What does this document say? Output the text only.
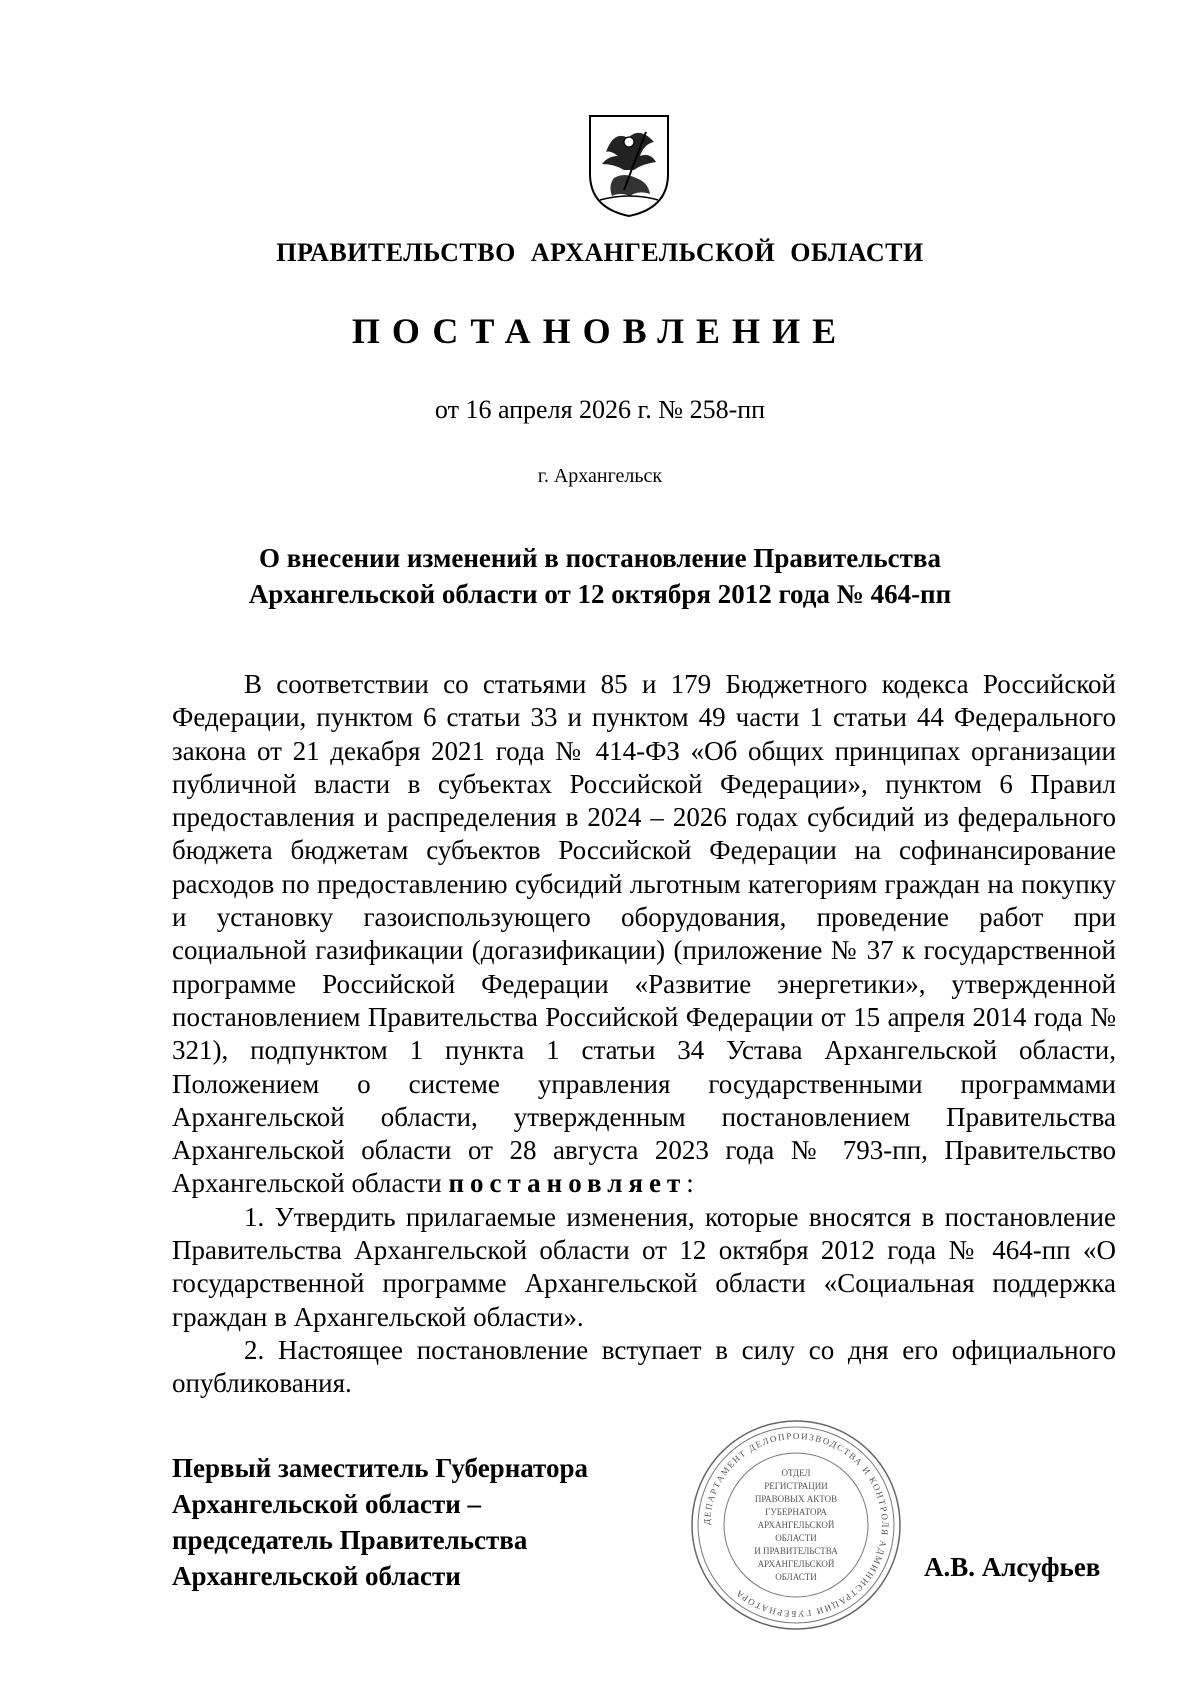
ПРАВИТЕЛЬСТВО АРХАНГЕЛЬСКОЙ ОБЛАСТИ
ПОСТАНОВЛЕНИЕ
от 16 апреля 2026 г. № 258-пп
г. Архангельск
О внесении изменений в постановление Правительства
Архангельской области от 12 октября 2012 года № 464-пп

В соответствии со статьями 85 и 179 Бюджетного кодекса Российской Федерации, пунктом 6 статьи 33 и пунктом 49 части 1 статьи 44 Федерального закона от 21 декабря 2021 года № 414-ФЗ «Об общих принципах организации публичной власти в субъектах Российской Федерации», пунктом 6 Правил предоставления и распределения в 2024 – 2026 годах субсидий из федерального бюджета бюджетам субъектов Российской Федерации на софинансирование расходов по предоставлению субсидий льготным категориям граждан на покупку и установку газоиспользующего оборудования, проведение работ при социальной газификации (догазификации) (приложение № 37 к государственной программе Российской Федерации «Развитие энергетики», утвержденной постановлением Правительства Российской Федерации от 15 апреля 2014 года № 321), подпунктом 1 пункта 1 статьи 34 Устава Архангельской области, Положением о системе управления государственными программами Архангельской области, утвержденным постановлением Правительства Архангельской области от 28 августа 2023 года № 793-пп, Правительство Архангельской области постановляет:

1. Утвердить прилагаемые изменения, которые вносятся в постановление Правительства Архангельской области от 12 октября 2012 года № 464-пп «О государственной программе Архангельской области «Социальная поддержка граждан в Архангельской области».

2. Настоящее постановление вступает в силу со дня его официального опубликования.

Первый заместитель Губернатора
Архангельской области –
председатель Правительства
Архангельской области
ДЕПАРТАМЕНТ ДЕЛОПРОИЗВОДСТВА И КОНТРОЛЯ АДМИНИСТРАЦИИ ГУБЕРНАТОРА
ОТДЕЛ
РЕГИСТРАЦИИ
ПРАВОВЫХ АКТОВ
ГУБЕРНАТОРА
АРХАНГЕЛЬСКОЙ
ОБЛАСТИ
И ПРАВИТЕЛЬСТВА
АРХАНГЕЛЬСКОЙ
ОБЛАСТИ	А.В. Алсуфьев
